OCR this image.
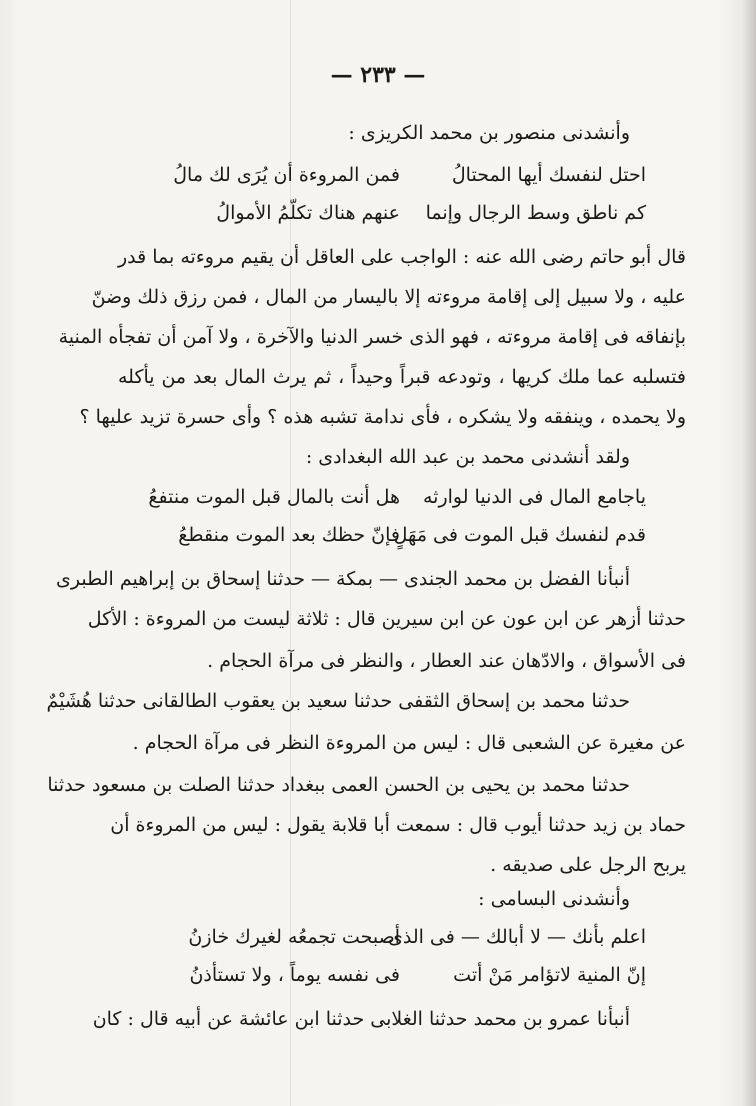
— ٢٣٣ —
وأنشدنى منصور بن محمد الكريزى :
احتل لنفسك أيها المحتالُ
فمن المروءة أن يُرَى لك مالُ
كم ناطق وسط الرجال وإنما
عنهم هناك تكلّمُ الأموالُ
قال أبو حاتم رضى الله عنه : الواجب على العاقل أن يقيم مروءته بما قدر
عليه ، ولا سبيل إلى إقامة مروءته إلا باليسار من المال ، فمن رزق ذلك وضنّ
بإنفاقه فى إقامة مروءته ، فهو الذى خسر الدنيا والآخرة ، ولا آمن أن تفجأه المنية
فتسلبه عما ملك كريها ، وتودعه قبراً وحيداً ، ثم يرث المال بعد من يأكله
ولا يحمده ، وينفقه ولا يشكره ، فأى ندامة تشبه هذه ؟ وأى حسرة تزيد عليها ؟
ولقد أنشدنى محمد بن عبد الله البغدادى :
ياجامع المال فى الدنيا لوارثه
هل أنت بالمال قبل الموت منتفعُ
قدم لنفسك قبل الموت فى مَهَلٍ
فإنّ حظك بعد الموت منقطعُ
أنبأنا الفضل بن محمد الجندى — بمكة — حدثنا إسحاق بن إبراهيم الطبرى
حدثنا أزهر عن ابن عون عن ابن سيرين قال : ثلاثة ليست من المروءة : الأكل
فى الأسواق ، والادّهان عند العطار ، والنظر فى مرآة الحجام .
حدثنا محمد بن إسحاق الثقفى حدثنا سعيد بن يعقوب الطالقانى حدثنا هُشَيْمٌ
عن مغيرة عن الشعبى قال : ليس من المروءة النظر فى مرآة الحجام .
حدثنا محمد بن يحيى بن الحسن العمى ببغداد حدثنا الصلت بن مسعود حدثنا
حماد بن زيد حدثنا أيوب قال : سمعت أبا قلابة يقول : ليس من المروءة أن
يربح الرجل على صديقه .
وأنشدنى البسامى :
اعلم بأنك — لا أبالك — فى الذى
أصبحت تجمعُه لغيرك خازنُ
إنّ المنية لاتؤامر مَنْ أتت
فى نفسه يوماً ، ولا تستأذنُ
أنبأنا عمرو بن محمد حدثنا الغلابى حدثنا ابن عائشة عن أبيه قال : كان
